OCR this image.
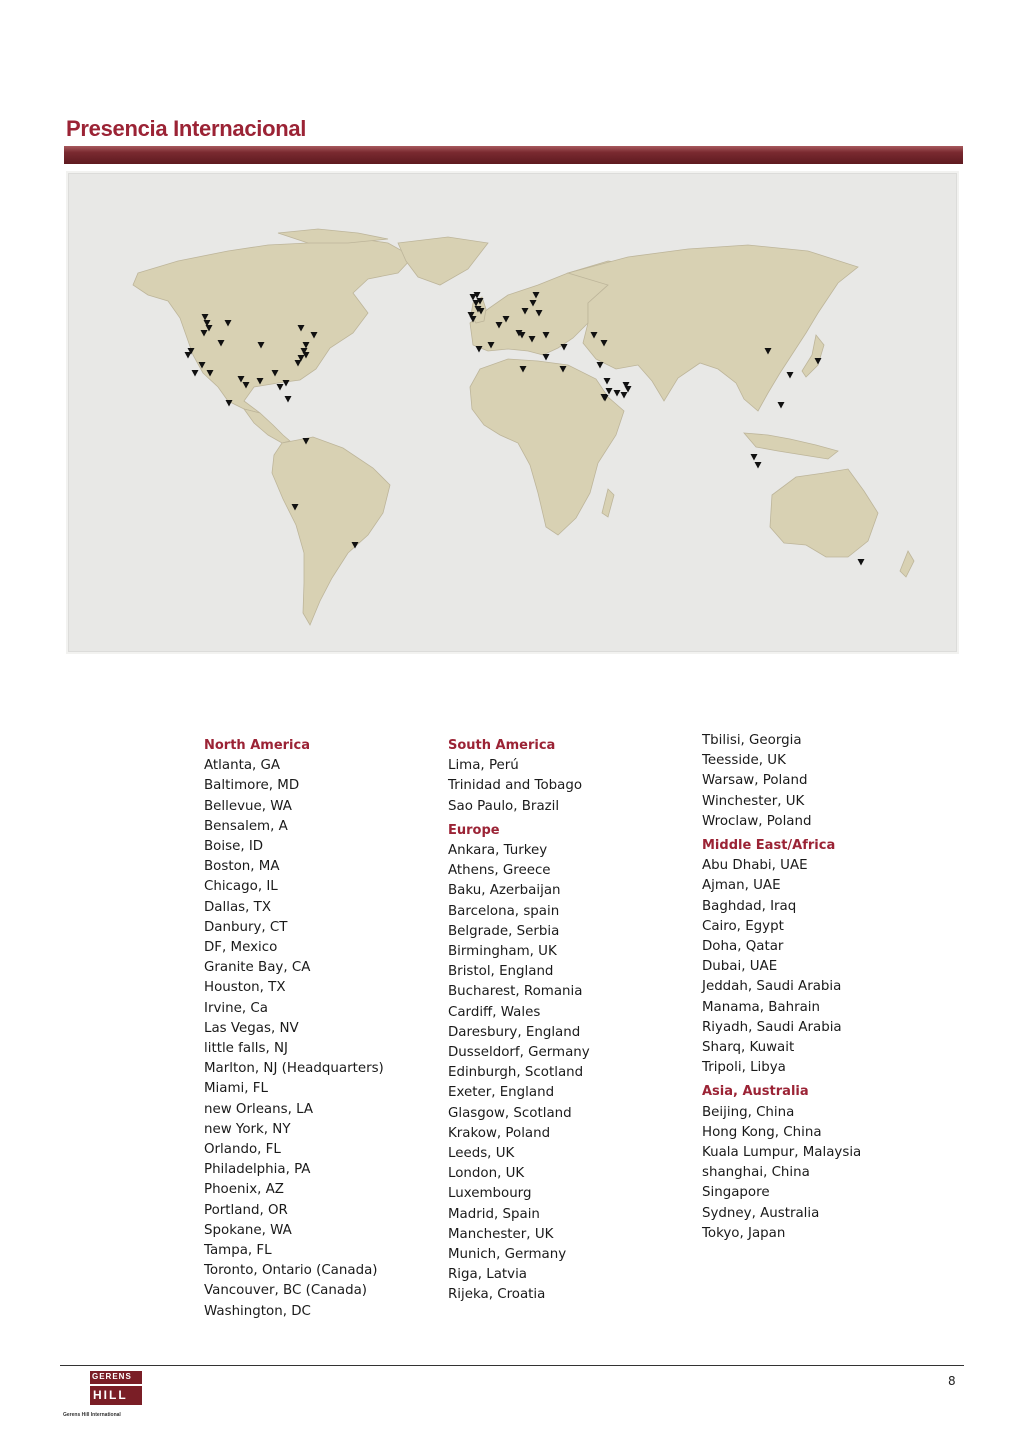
Presencia Internacional
North America
Atlanta, GA
Baltimore, MD
Bellevue, WA
Bensalem, A
Boise, ID
Boston, MA
Chicago, IL
Dallas, TX
Danbury, CT
DF, Mexico
Granite Bay, CA
Houston, TX
Irvine, Ca
Las Vegas, NV
little falls, NJ
Marlton, NJ (Headquarters)
Miami, FL
new Orleans, LA
new York, NY
Orlando, FL
Philadelphia, PA
Phoenix, AZ
Portland, OR
Spokane, WA
Tampa, FL
Toronto, Ontario (Canada)
Vancouver, BC (Canada)
Washington, DC
South America
Lima, Perú
Trinidad and Tobago
Sao Paulo, Brazil
Europe
Ankara, Turkey
Athens, Greece
Baku, Azerbaijan
Barcelona, spain
Belgrade, Serbia
Birmingham, UK
Bristol, England
Bucharest, Romania
Cardiff, Wales
Daresbury, England
Dusseldorf, Germany
Edinburgh, Scotland
Exeter, England
Glasgow, Scotland
Krakow, Poland
Leeds, UK
London, UK
Luxembourg
Madrid, Spain
Manchester, UK
Munich, Germany
Riga, Latvia
Rijeka, Croatia
Tbilisi, Georgia
Teesside, UK
Warsaw, Poland
Winchester, UK
Wroclaw, Poland
Middle East/Africa
Abu Dhabi, UAE
Ajman, UAE
Baghdad, Iraq
Cairo, Egypt
Doha, Qatar
Dubai, UAE
Jeddah, Saudi Arabia
Manama, Bahrain
Riyadh, Saudi Arabia
Sharq, Kuwait
Tripoli, Libya
Asia, Australia
Beijing, China
Hong Kong, China
Kuala Lumpur, Malaysia
shanghai, China
Singapore
Sydney, Australia
Tokyo, Japan
GERENS
HILL
Gerens Hill International
8
